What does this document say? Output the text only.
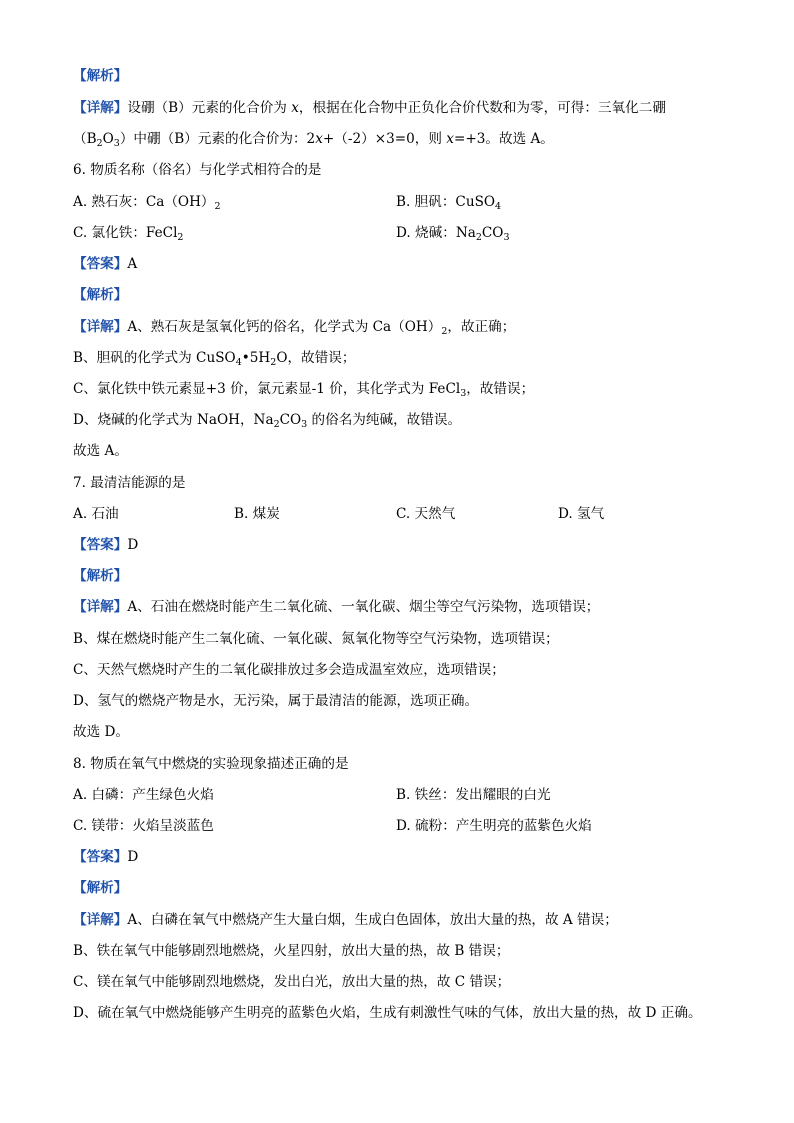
【解析】
【详解】设硼（B）元素的化合价为 x，根据在化合物中正负化合价代数和为零，可得：三氧化二硼
$(B_2O_3)$中硼（B）元素的化合价为：2x+（-2）×3=0，则 x=+3。故选 A。
6. 物质名称（俗名）与化学式相符合的是
A. 熟石灰：$Ca(OH)_2$	B. 胆矾：CuSO$_4$
C. 氯化铁：FeCl$_2$	D. 烧碱：$Na_2CO_3$
【答案】A
【解析】
【详解】A、熟石灰是氢氧化钙的俗名，化学式为 $Ca(OH)_2$，故正确；
B、胆矾的化学式为 $CuSO_4•5H_2O$，故错误；
C、氯化铁中铁元素显+3 价，氯元素显-1 价，其化学式为 FeCl$_3$，故错误；
D、烧碱的化学式为 NaOH，$Na_2CO_3$ 的俗名为纯碱，故错误。
故选 A。
7. 最清洁能源的是
A. 石油	B. 煤炭	C. 天然气	D. 氢气
【答案】D
【解析】
【详解】A、石油在燃烧时能产生二氧化硫、一氧化碳、烟尘等空气污染物，选项错误；
B、煤在燃烧时能产生二氧化硫、一氧化碳、氮氧化物等空气污染物，选项错误；
C、天然气燃烧时产生的二氧化碳排放过多会造成温室效应，选项错误；
D、氢气的燃烧产物是水，无污染，属于最清洁的能源，选项正确。
故选 D。
8. 物质在氧气中燃烧的实验现象描述正确的是
A. 白磷：产生绿色火焰	B. 铁丝：发出耀眼的白光
C. 镁带：火焰呈淡蓝色	D. 硫粉：产生明亮的蓝紫色火焰
【答案】D
【解析】
【详解】A、白磷在氧气中燃烧产生大量白烟，生成白色固体，放出大量的热，故 A 错误；
B、铁在氧气中能够剧烈地燃烧，火星四射，放出大量的热，故 B 错误；
C、镁在氧气中能够剧烈地燃烧，发出白光，放出大量的热，故 C 错误；
D、硫在氧气中燃烧能够产生明亮的蓝紫色火焰，生成有刺激性气味的气体，放出大量的热，故 D 正确。
